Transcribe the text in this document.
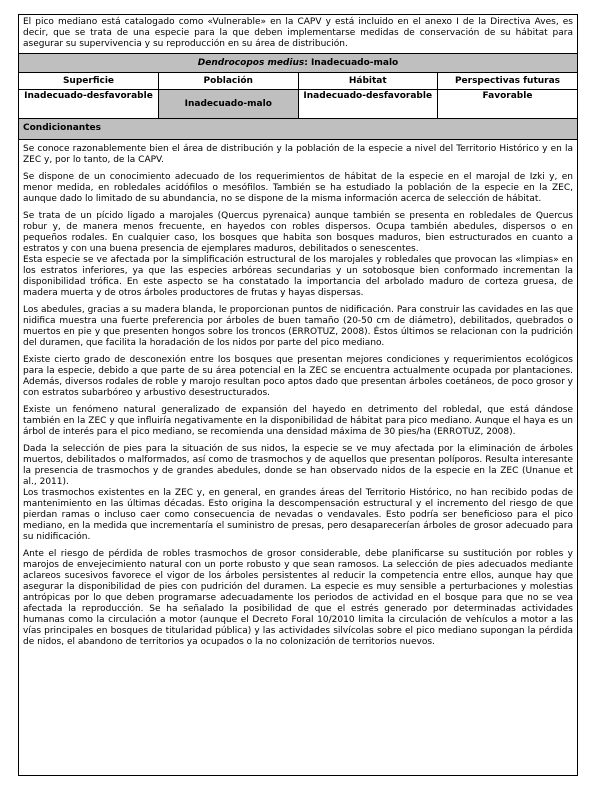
El pico mediano está catalogado como «Vulnerable» en la CAPV y está incluido en el anexo I de la Directiva Aves, es decir, que se trata de una especie para la que deben implementarse medidas de conservación de su hábitat para asegurar su supervivencia y su reproducción en su área de distribución.
Dendrocopos medius: Inadecuado-malo			
Superficie	Población	Hábitat	Perspectivas futuras
Inadecuado-desfavorable	Inadecuado-malo	Inadecuado-desfavorable	Favorable
Condicionantes

Se conoce razonablemente bien el área de distribución y la población de la especie a nivel del Territorio Histórico y en la ZEC y, por lo tanto, de la CAPV.

Se dispone de un conocimiento adecuado de los requerimientos de hábitat de la especie en el marojal de Izki y, en menor medida, en robledales acidófilos o mesófilos. También se ha estudiado la población de la especie en la ZEC, aunque dado lo limitado de su abundancia, no se dispone de la misma información acerca de selección de hábitat.

Se trata de un pícido ligado a marojales (Quercus pyrenaica) aunque también se presenta en robledales de Quercus robur y, de manera menos frecuente, en hayedos con robles dispersos. Ocupa también abedules, dispersos o en pequeños rodales. En cualquier caso, los bosques que habita son bosques maduros, bien estructurados en cuanto a estratos y con una buena presencia de ejemplares maduros, debilitados o senescentes.

Esta especie se ve afectada por la simplificación estructural de los marojales y robledales que provocan las «limpias» en los estratos inferiores, ya que las especies arbóreas secundarias y un sotobosque bien conformado incrementan la disponibilidad trófica. En este aspecto se ha constatado la importancia del arbolado maduro de corteza gruesa, de madera muerta y de otros árboles productores de frutas y hayas dispersas.

Los abedules, gracias a su madera blanda, le proporcionan puntos de nidificación. Para construir las cavidades en las que nidifica muestra una fuerte preferencia por árboles de buen tamaño (20-50 cm de diámetro), debilitados, quebrados o muertos en pie y que presenten hongos sobre los troncos (ERROTUZ, 2008). Éstos últimos se relacionan con la pudrición del duramen, que facilita la horadación de los nidos por parte del pico mediano.

Existe cierto grado de desconexión entre los bosques que presentan mejores condiciones y requerimientos ecológicos para la especie, debido a que parte de su área potencial en la ZEC se encuentra actualmente ocupada por plantaciones. Además, diversos rodales de roble y marojo resultan poco aptos dado que presentan árboles coetáneos, de poco grosor y con estratos subarbóreo y arbustivo desestructurados.

Existe un fenómeno natural generalizado de expansión del hayedo en detrimento del robledal, que está dándose también en la ZEC y que influiría negativamente en la disponibilidad de hábitat para pico mediano. Aunque el haya es un árbol de interés para el pico mediano, se recomienda una densidad máxima de 30 pies/ha (ERROTUZ, 2008).

Dada la selección de pies para la situación de sus nidos, la especie se ve muy afectada por la eliminación de árboles muertos, debilitados o malformados, así como de trasmochos y de aquellos que presentan políporos. Resulta interesante la presencia de trasmochos y de grandes abedules, donde se han observado nidos de la especie en la ZEC (Unanue et al., 2011).

Los trasmochos existentes en la ZEC y, en general, en grandes áreas del Territorio Histórico, no han recibido podas de mantenimiento en las últimas décadas. Esto origina la descompensación estructural y el incremento del riesgo de que pierdan ramas o incluso caer como consecuencia de nevadas o vendavales. Esto podría ser beneficioso para el pico mediano, en la medida que incrementaría el suministro de presas, pero desaparecerían árboles de grosor adecuado para su nidificación.

Ante el riesgo de pérdida de robles trasmochos de grosor considerable, debe planificarse su sustitución por robles y marojos de envejecimiento natural con un porte robusto y que sean ramosos. La selección de pies adecuados mediante aclareos sucesivos favorece el vigor de los árboles persistentes al reducir la competencia entre ellos, aunque hay que asegurar la disponibilidad de pies con pudrición del duramen. La especie es muy sensible a perturbaciones y molestias antrópicas por lo que deben programarse adecuadamente los periodos de actividad en el bosque para que no se vea afectada la reproducción. Se ha señalado la posibilidad de que el estrés generado por determinadas actividades humanas como la circulación a motor (aunque el Decreto Foral 10/2010 limita la circulación de vehículos a motor a las vías principales en bosques de titularidad pública) y las actividades silvícolas sobre el pico mediano supongan la pérdida de nidos, el abandono de territorios ya ocupados o la no colonización de territorios nuevos.
